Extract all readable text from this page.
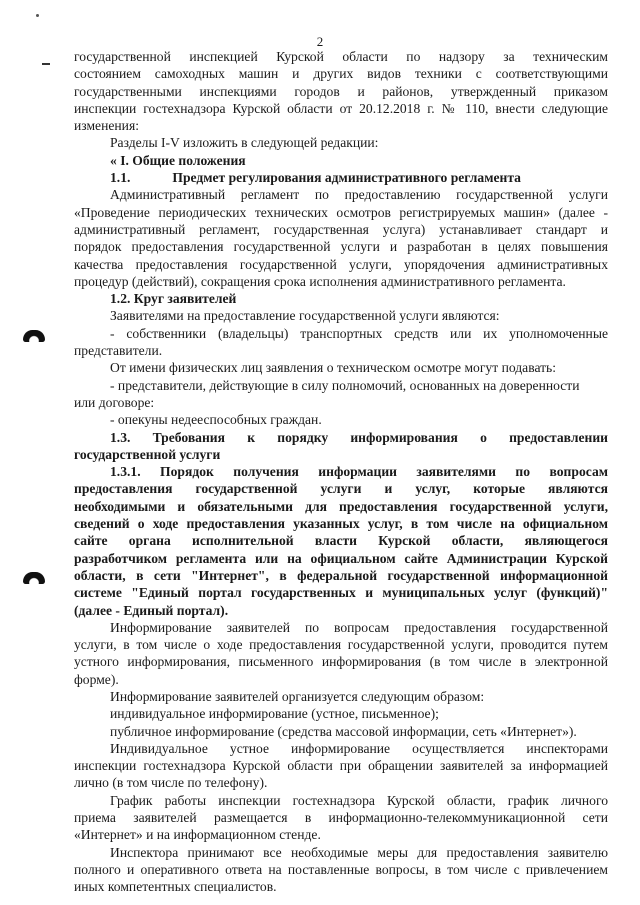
2

государственной инспекцией Курской области по надзору за техническим

состоянием самоходных машин и других видов техники с соответствующими

государственными инспекциями городов и районов, утвержденный приказом

инспекции гостехнадзора Курской области от 20.12.2018 г. № 110, внести следующие

изменения:

Разделы I-V изложить в следующей редакции:

« I. Общие положения

1.1.	Предмет регулирования административного регламента

Административный регламент по предоставлению государственной услуги

«Проведение периодических технических осмотров регистрируемых машин» (далее -

административный регламент, государственная услуга) устанавливает стандарт и

порядок предоставления государственной услуги и разработан в целях повышения

качества предоставления государственной услуги, упорядочения административных

процедур (действий), сокращения срока исполнения административного регламента.

1.2. Круг заявителей

Заявителями на предоставление государственной услуги являются:

- собственники (владельцы) транспортных средств или их уполномоченные

представители.

От имени физических лиц заявления о техническом осмотре могут подавать:

- представители, действующие в силу полномочий, основанных на доверенности

или договоре:

- опекуны недееспособных граждан.

1.3. Требования к порядку информирования о предоставлении

государственной услуги

1.3.1. Порядок получения информации заявителями по вопросам

предоставления государственной услуги и услуг, которые являются

необходимыми и обязательными для предоставления государственной услуги,

сведений о ходе предоставления указанных услуг, в том числе на официальном

сайте органа исполнительной власти Курской области, являющегося

разработчиком регламента или на официальном сайте Администрации Курской

области, в сети "Интернет", в федеральной государственной информационной

системе "Единый портал государственных и муниципальных услуг (функций)"

(далее - Единый портал).

Информирование заявителей по вопросам предоставления государственной

услуги, в том числе о ходе предоставления государственной услуги, проводится путем

устного информирования, письменного информирования (в том числе в электронной

форме).

Информирование заявителей организуется следующим образом:

индивидуальное информирование (устное, письменное);

публичное информирование (средства массовой информации, сеть «Интернет»).

Индивидуальное устное информирование осуществляется инспекторами

инспекции гостехнадзора Курской области при обращении заявителей за информацией

лично (в том числе по телефону).

График работы инспекции гостехнадзора Курской области, график личного

приема заявителей размещается в информационно-телекоммуникационной сети

«Интернет» и на информационном стенде.

Инспектора принимают все необходимые меры для предоставления заявителю

полного и оперативного ответа на поставленные вопросы, в том числе с привлечением

иных компетентных специалистов.
